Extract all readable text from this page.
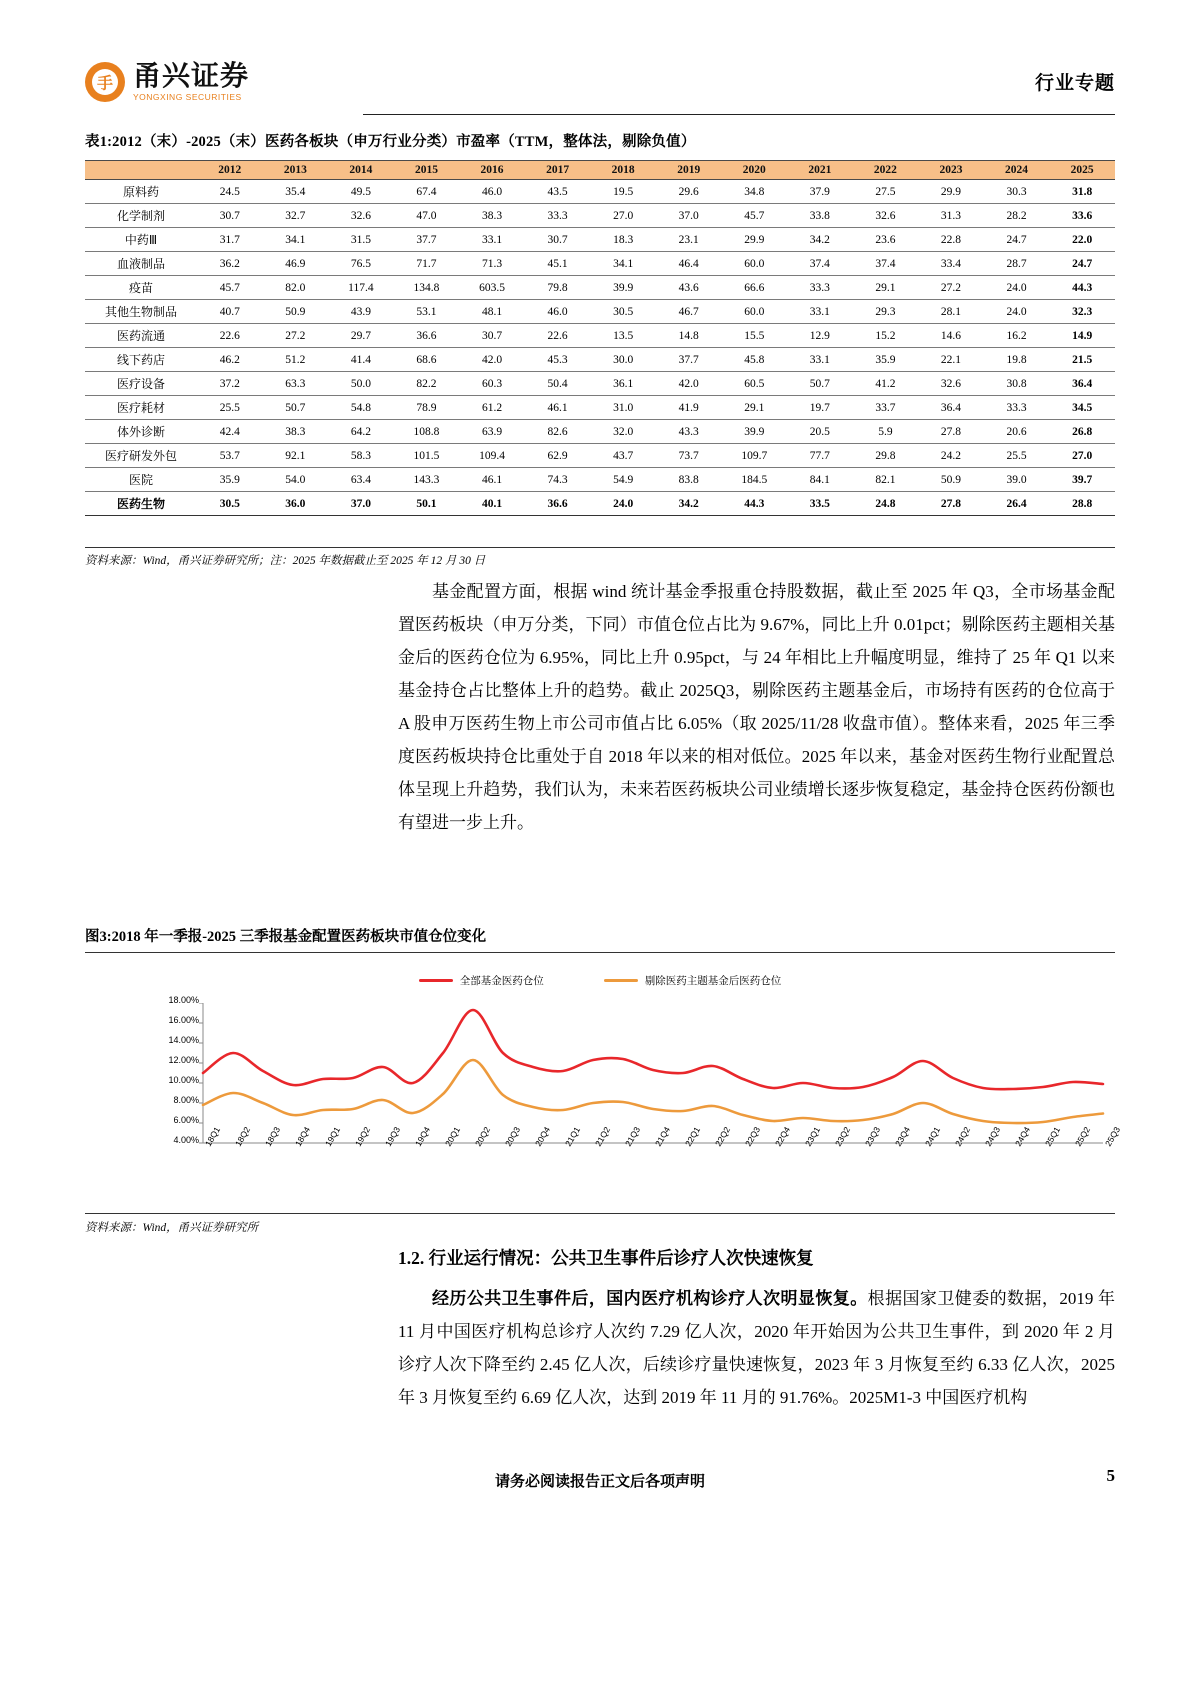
手
甬兴证券
YONGXING SECURITIES
行业专题
表1:2012（末）-2025（末）医药各板块（申万行业分类）市盈率（TTM，整体法，剔除负值）
	2012	2013	2014	2015	2016	2017	2018	2019	2020	2021	2022	2023	2024	2025
原料药	24.5	35.4	49.5	67.4	46.0	43.5	19.5	29.6	34.8	37.9	27.5	29.9	30.3	31.8
化学制剂	30.7	32.7	32.6	47.0	38.3	33.3	27.0	37.0	45.7	33.8	32.6	31.3	28.2	33.6
中药Ⅲ	31.7	34.1	31.5	37.7	33.1	30.7	18.3	23.1	29.9	34.2	23.6	22.8	24.7	22.0
血液制品	36.2	46.9	76.5	71.7	71.3	45.1	34.1	46.4	60.0	37.4	37.4	33.4	28.7	24.7
疫苗	45.7	82.0	117.4	134.8	603.5	79.8	39.9	43.6	66.6	33.3	29.1	27.2	24.0	44.3
其他生物制品	40.7	50.9	43.9	53.1	48.1	46.0	30.5	46.7	60.0	33.1	29.3	28.1	24.0	32.3
医药流通	22.6	27.2	29.7	36.6	30.7	22.6	13.5	14.8	15.5	12.9	15.2	14.6	16.2	14.9
线下药店	46.2	51.2	41.4	68.6	42.0	45.3	30.0	37.7	45.8	33.1	35.9	22.1	19.8	21.5
医疗设备	37.2	63.3	50.0	82.2	60.3	50.4	36.1	42.0	60.5	50.7	41.2	32.6	30.8	36.4
医疗耗材	25.5	50.7	54.8	78.9	61.2	46.1	31.0	41.9	29.1	19.7	33.7	36.4	33.3	34.5
体外诊断	42.4	38.3	64.2	108.8	63.9	82.6	32.0	43.3	39.9	20.5	5.9	27.8	20.6	26.8
医疗研发外包	53.7	92.1	58.3	101.5	109.4	62.9	43.7	73.7	109.7	77.7	29.8	24.2	25.5	27.0
医院	35.9	54.0	63.4	143.3	46.1	74.3	54.9	83.8	184.5	84.1	82.1	50.9	39.0	39.7
医药生物	30.5	36.0	37.0	50.1	40.1	36.6	24.0	34.2	44.3	33.5	24.8	27.8	26.4	28.8
资料来源：Wind，甬兴证券研究所；注：2025 年数据截止至 2025 年 12 月 30 日
基金配置方面，根据 wind 统计基金季报重仓持股数据，截止至 2025 年 Q3，全市场基金配置医药板块（申万分类，下同）市值仓位占比为 9.67%，同比上升 0.01pct；剔除医药主题相关基金后的医药仓位为 6.95%，同比上升 0.95pct，与 24 年相比上升幅度明显，维持了 25 年 Q1 以来基金持仓占比整体上升的趋势。截止 2025Q3，剔除医药主题基金后，市场持有医药的仓位高于 A 股申万医药生物上市公司市值占比 6.05%（取 2025/11/28 收盘市值）。整体来看，2025 年三季度医药板块持仓比重处于自 2018 年以来的相对低位。2025 年以来，基金对医药生物行业配置总体呈现上升趋势，我们认为，未来若医药板块公司业绩增长逐步恢复稳定，基金持仓医药份额也有望进一步上升。
图3:2018 年一季报-2025 三季报基金配置医药板块市值仓位变化
全部基金医药仓位	剔除医药主题基金后医药仓位
18.00%
16.00%
14.00%
12.00%
10.00%
8.00%
6.00%
4.00% 18Q1 18Q2 18Q3 18Q4 19Q1 19Q2 19Q3 19Q4 20Q1 20Q2 20Q3 20Q4 21Q1 21Q2 21Q3 21Q4 22Q1 22Q2 22Q3 22Q4 23Q1 23Q2 23Q3 23Q4 24Q1 24Q2 24Q3 24Q4 25Q1 25Q2 25Q3
资料来源：Wind，甬兴证券研究所
1.2. 行业运行情况：公共卫生事件后诊疗人次快速恢复
经历公共卫生事件后，国内医疗机构诊疗人次明显恢复。根据国家卫健委的数据，2019 年 11 月中国医疗机构总诊疗人次约 7.29 亿人次，2020 年开始因为公共卫生事件，到 2020 年 2 月诊疗人次下降至约 2.45 亿人次，后续诊疗量快速恢复，2023 年 3 月恢复至约 6.33 亿人次，2025 年 3 月恢复至约 6.69 亿人次，达到 2019 年 11 月的 91.76%。2025M1-3 中国医疗机构
请务必阅读报告正文后各项声明	5
